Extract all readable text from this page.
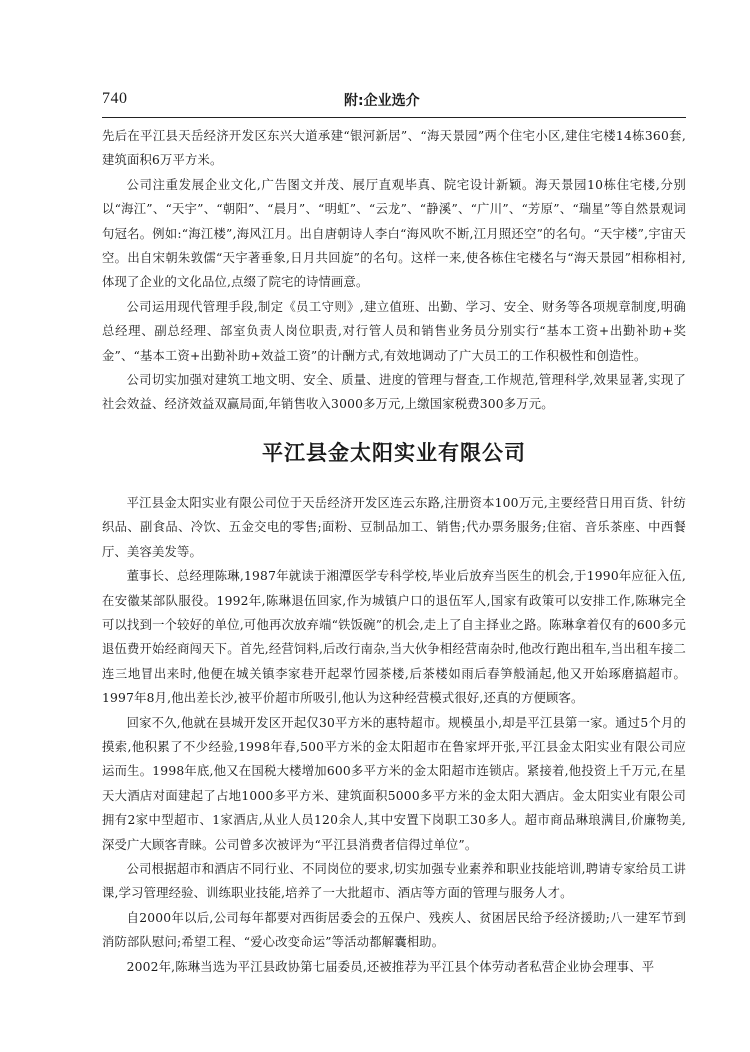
740	附:企业选介

先后在平江县天岳经济开发区东兴大道承建“银河新居”、“海天景园”两个住宅小区,建住宅楼14栋360套,建筑面积6万平方米。

公司注重发展企业文化,广告图文并茂、展厅直观毕真、院宅设计新颖。海天景园10栋住宅楼,分别以“海江”、“天宇”、“朝阳”、“晨月”、“明虹”、“云龙”、“静溪”、“广川”、“芳原”、“瑞星”等自然景观词句冠名。例如:“海江楼”,海风江月。出自唐朝诗人李白“海风吹不断,江月照还空”的名句。“天宇楼”,宇宙天空。出自宋朝朱敦儒“天宇著垂象,日月共回旋”的名句。这样一来,使各栋住宅楼名与“海天景园”相称相衬,体现了企业的文化品位,点缀了院宅的诗情画意。

公司运用现代管理手段,制定《员工守则》,建立值班、出勤、学习、安全、财务等各项规章制度,明确总经理、副总经理、部室负责人岗位职责,对行管人员和销售业务员分别实行“基本工资+出勤补助+奖金”、“基本工资+出勤补助+效益工资”的计酬方式,有效地调动了广大员工的工作积极性和创造性。

公司切实加强对建筑工地文明、安全、质量、进度的管理与督查,工作规范,管理科学,效果显著,实现了社会效益、经济效益双赢局面,年销售收入3000多万元,上缴国家税费300多万元。

平江县金太阳实业有限公司

平江县金太阳实业有限公司位于天岳经济开发区连云东路,注册资本100万元,主要经营日用百货、针纺织品、副食品、冷饮、五金交电的零售;面粉、豆制品加工、销售;代办票务服务;住宿、音乐茶座、中西餐厅、美容美发等。

董事长、总经理陈琳,1987年就读于湘潭医学专科学校,毕业后放弃当医生的机会,于1990年应征入伍,在安徽某部队服役。1992年,陈琳退伍回家,作为城镇户口的退伍军人,国家有政策可以安排工作,陈琳完全可以找到一个较好的单位,可他再次放弃端“铁饭碗”的机会,走上了自主择业之路。陈琳拿着仅有的600多元退伍费开始经商闯天下。首先,经营饲料,后改行南杂,当大伙争相经营南杂时,他改行跑出租车,当出租车接二连三地冒出来时,他便在城关镇李家巷开起翠竹园茶楼,后茶楼如雨后春笋般涌起,他又开始琢磨搞超市。1997年8月,他出差长沙,被平价超市所吸引,他认为这种经营模式很好,还真的方便顾客。

回家不久,他就在县城开发区开起仅30平方米的惠特超市。规模虽小,却是平江县第一家。通过5个月的摸索,他积累了不少经验,1998年春,500平方米的金太阳超市在鲁家坪开张,平江县金太阳实业有限公司应运而生。1998年底,他又在国税大楼增加600多平方米的金太阳超市连锁店。紧接着,他投资上千万元,在星天大酒店对面建起了占地1000多平方米、建筑面积5000多平方米的金太阳大酒店。金太阳实业有限公司拥有2家中型超市、1家酒店,从业人员120余人,其中安置下岗职工30多人。超市商品琳琅满目,价廉物美,深受广大顾客青睐。公司曾多次被评为“平江县消费者信得过单位”。

公司根据超市和酒店不同行业、不同岗位的要求,切实加强专业素养和职业技能培训,聘请专家给员工讲课,学习管理经验、训练职业技能,培养了一大批超市、酒店等方面的管理与服务人才。

自2000年以后,公司每年都要对西街居委会的五保户、残疾人、贫困居民给予经济援助;八一建军节到消防部队慰问;希望工程、“爱心改变命运”等活动都解囊相助。

2002年,陈琳当选为平江县政协第七届委员,还被推荐为平江县个体劳动者私营企业协会理事、平
